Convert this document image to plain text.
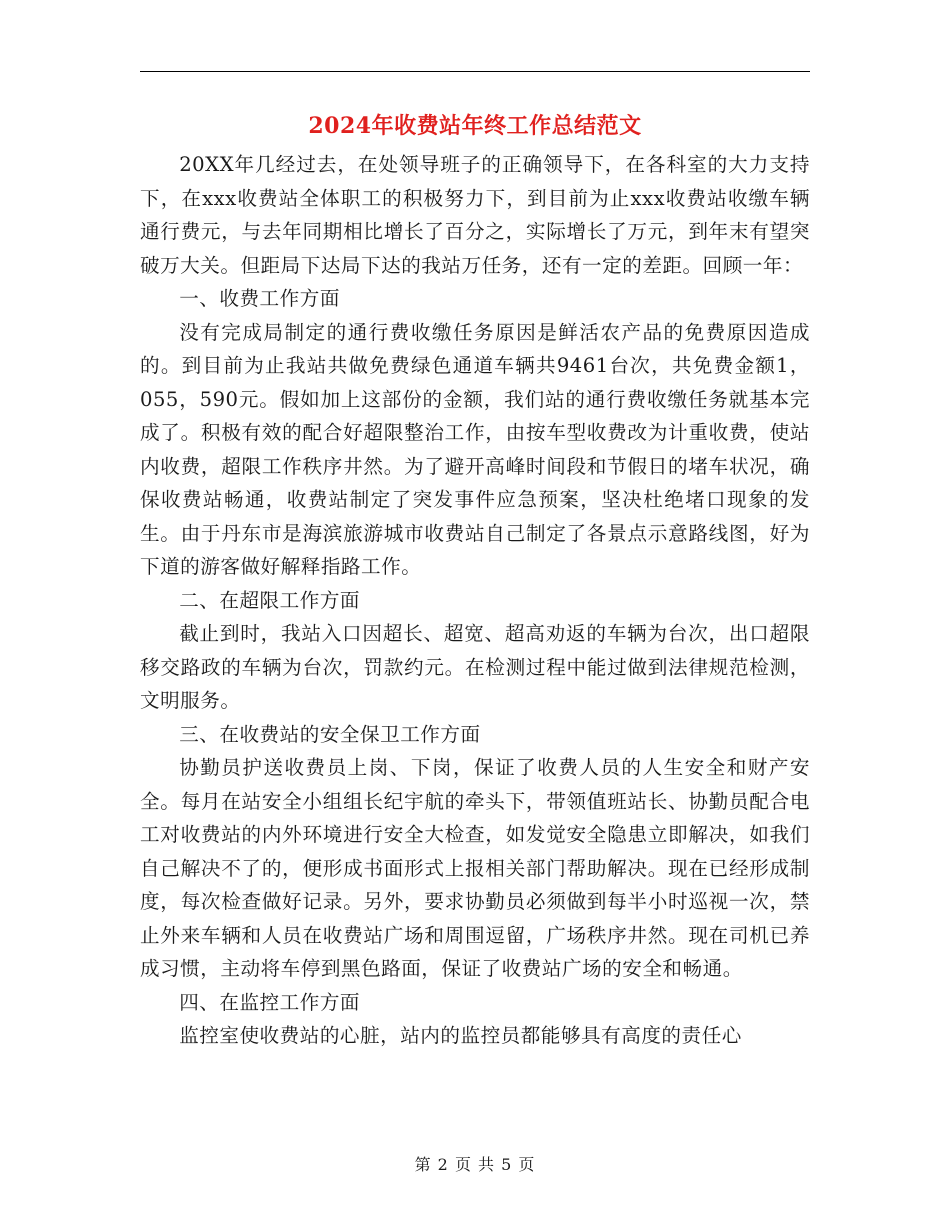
2024年收费站年终工作总结范文

20XX年几经过去，在处领导班子的正确领导下，在各科室的大力支持下，在xxx收费站全体职工的积极努力下，到目前为止xxx收费站收缴车辆通行费元，与去年同期相比增长了百分之，实际增长了万元，到年末有望突破万大关。但距局下达局下达的我站万任务，还有一定的差距。回顾一年：

一、收费工作方面

没有完成局制定的通行费收缴任务原因是鲜活农产品的免费原因造成的。到目前为止我站共做免费绿色通道车辆共9461台次，共免费金额1，055，590元。假如加上这部份的金额，我们站的通行费收缴任务就基本完成了。积极有效的配合好超限整治工作，由按车型收费改为计重收费，使站内收费，超限工作秩序井然。为了避开高峰时间段和节假日的堵车状况，确保收费站畅通，收费站制定了突发事件应急预案，坚决杜绝堵口现象的发生。由于丹东市是海滨旅游城市收费站自己制定了各景点示意路线图，好为下道的游客做好解释指路工作。

二、在超限工作方面

截止到时，我站入口因超长、超宽、超高劝返的车辆为台次，出口超限移交路政的车辆为台次，罚款约元。在检测过程中能过做到法律规范检测，文明服务。

三、在收费站的安全保卫工作方面

协勤员护送收费员上岗、下岗，保证了收费人员的人生安全和财产安全。每月在站安全小组组长纪宇航的牵头下，带领值班站长、协勤员配合电工对收费站的内外环境进行安全大检查，如发觉安全隐患立即解决，如我们自己解决不了的，便形成书面形式上报相关部门帮助解决。现在已经形成制度，每次检查做好记录。另外，要求协勤员必须做到每半小时巡视一次，禁止外来车辆和人员在收费站广场和周围逗留，广场秩序井然。现在司机已养成习惯，主动将车停到黑色路面，保证了收费站广场的安全和畅通。

四、在监控工作方面

监控室使收费站的心脏，站内的监控员都能够具有高度的责任心

第 2 页 共 5 页
